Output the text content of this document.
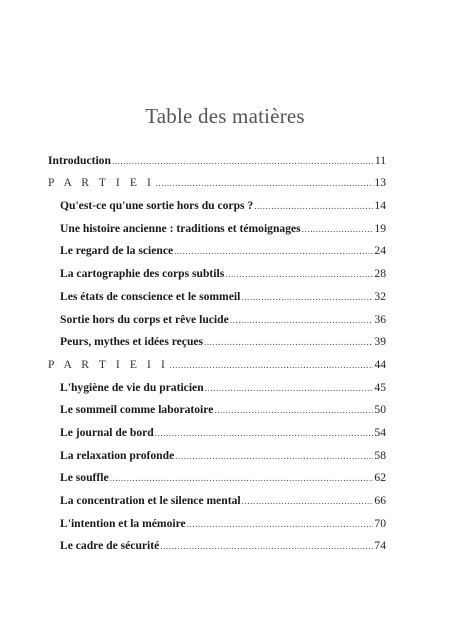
Table des matières
Introduction .....	11
P A R T I E I .....	13
Qu'est-ce qu'une sortie hors du corps ? .....	14
Une histoire ancienne : traditions et témoignages .....	19
Le regard de la science .....	24
La cartographie des corps subtils .....	28
Les états de conscience et le sommeil .....	32
Sortie hors du corps et rêve lucide .....	36
Peurs, mythes et idées reçues .....	39
P A R T I E I I .....	44
L'hygiène de vie du praticien .....	45
Le sommeil comme laboratoire .....	50
Le journal de bord .....	54
La relaxation profonde .....	58
Le souffle .....	62
La concentration et le silence mental .....	66
L'intention et la mémoire .....	70
Le cadre de sécurité .....	74
